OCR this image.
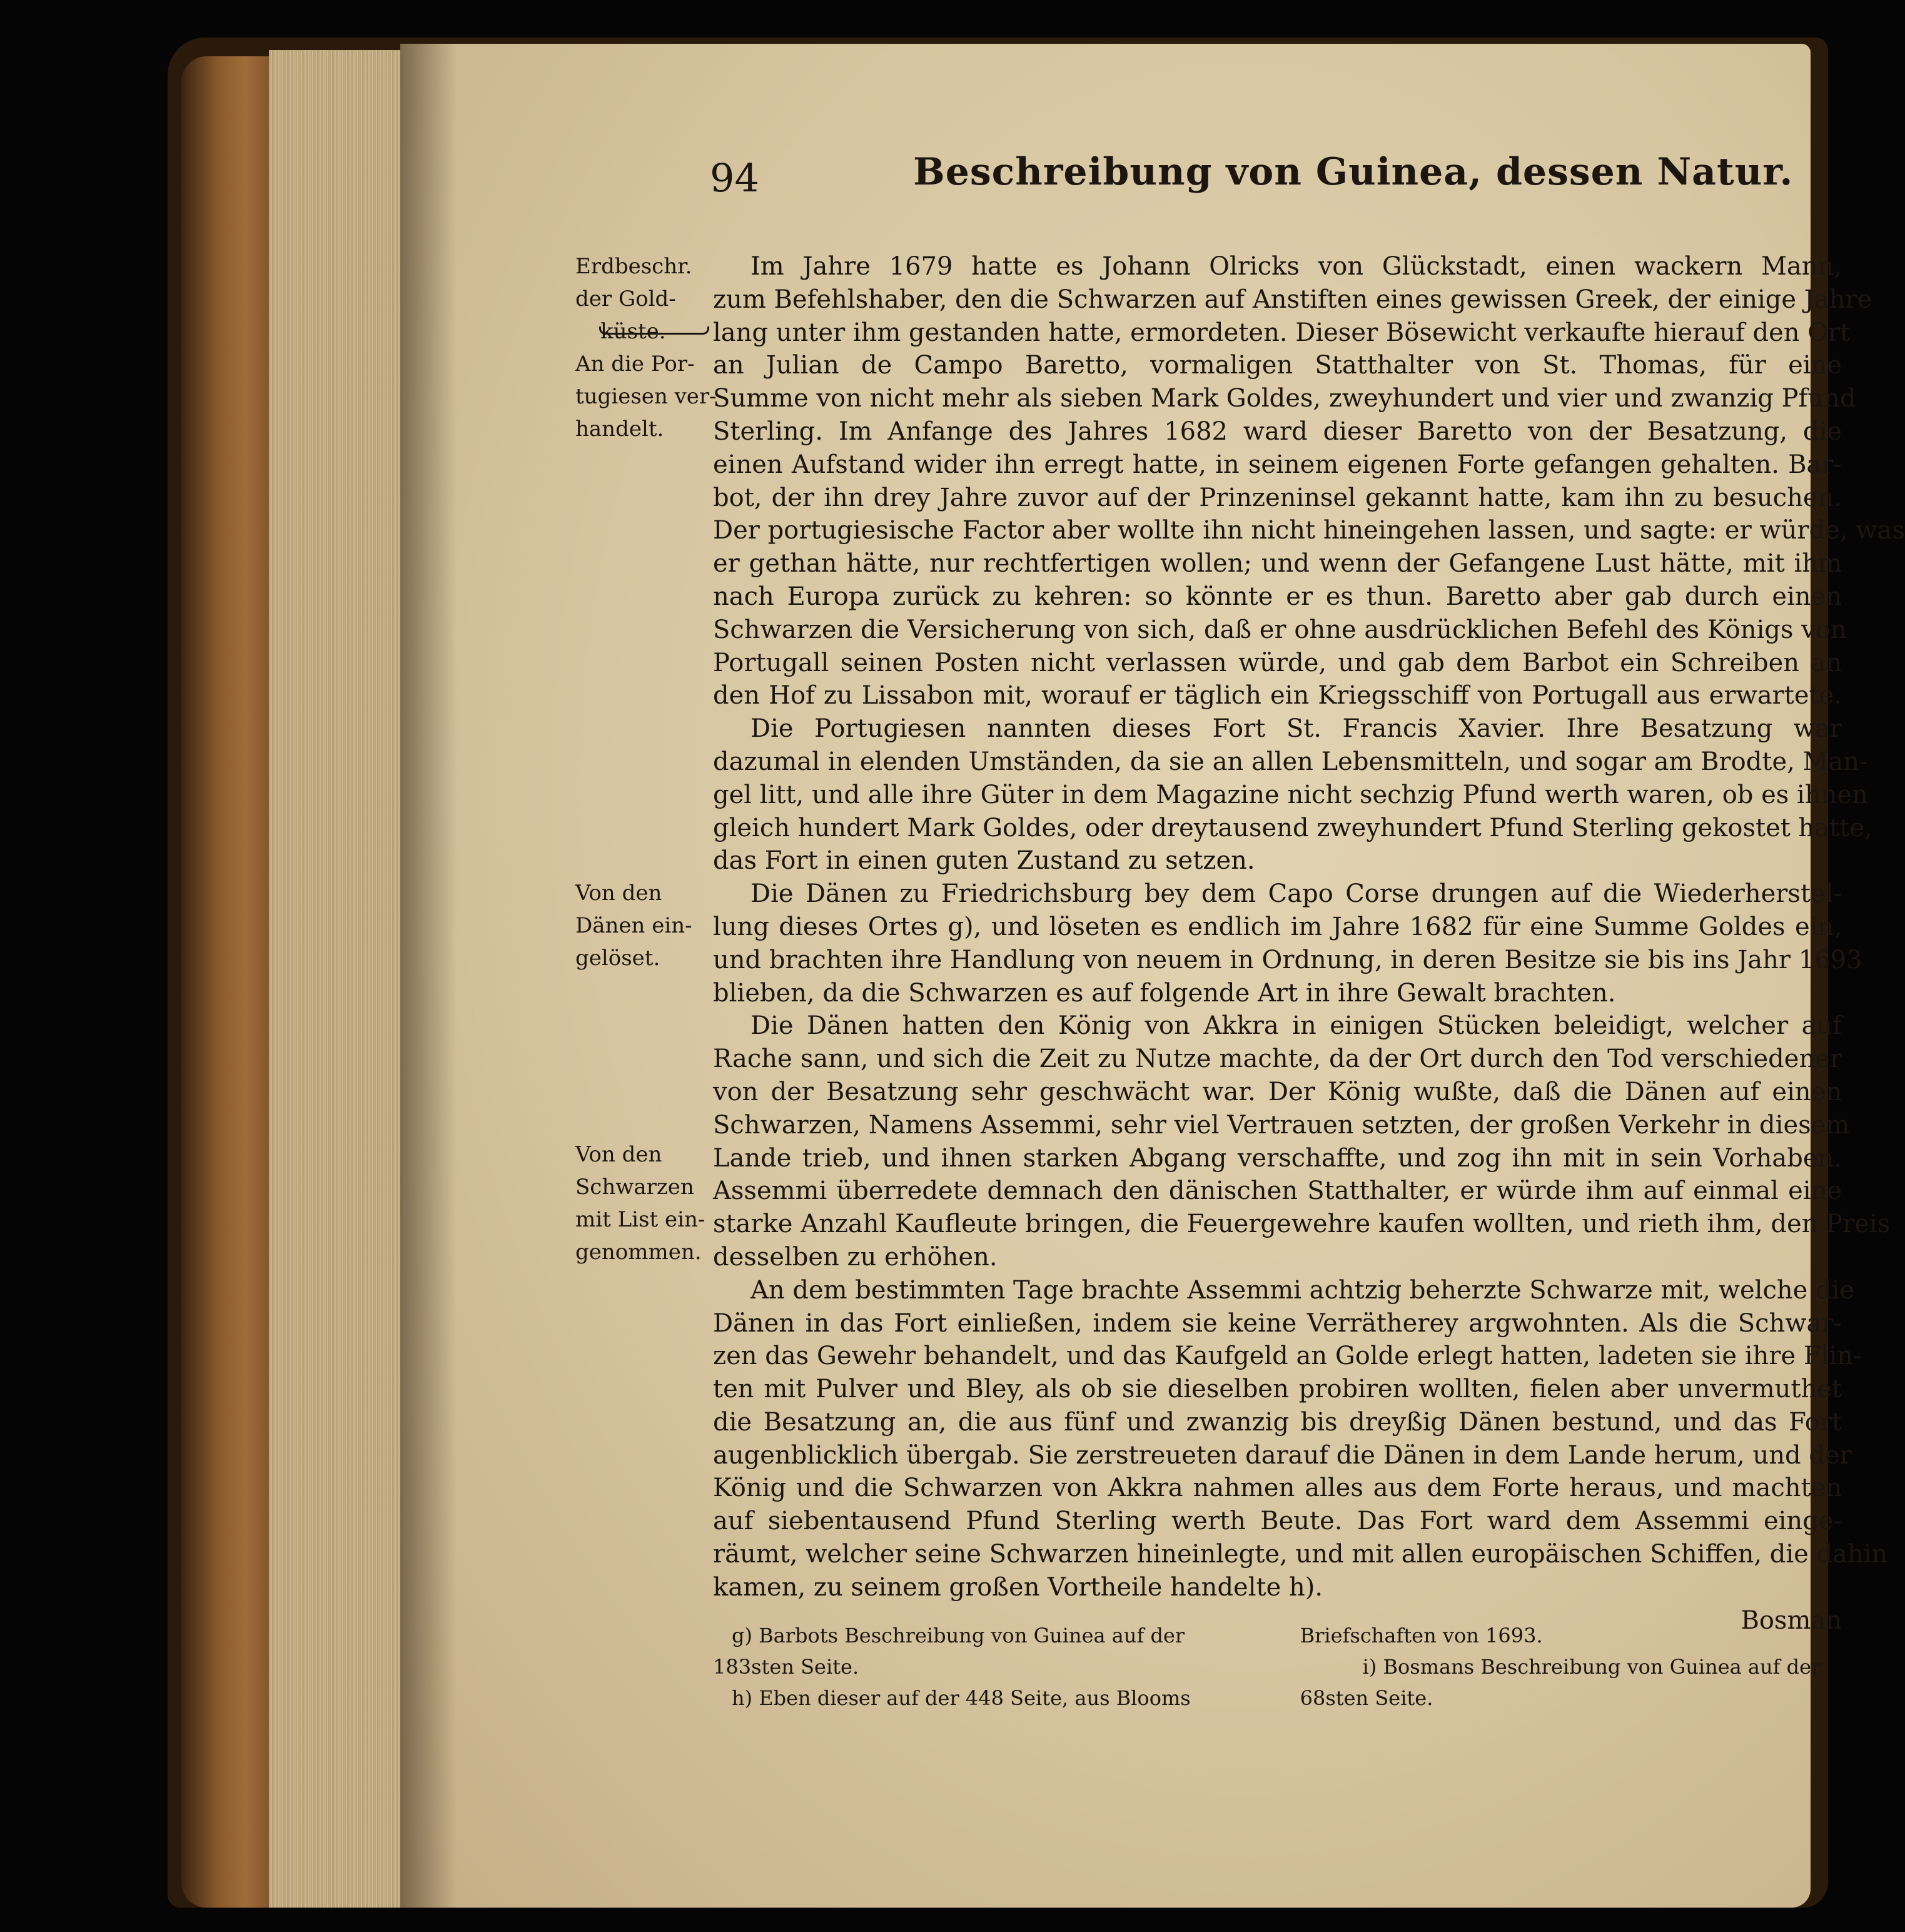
94	Beschreibung von Guinea, dessen Natur.
Erdbeschr.
der Gold-
küste.
An die Por-
tugiesen ver-
handelt.
Von den
Dänen ein-
gelöset.
Von den
Schwarzen
mit List ein-
genommen.
Im Jahre 1679 hatte es Johann Olricks von Glückstadt, einen wackern Mann,
zum Befehlshaber, den die Schwarzen auf Anstiften eines gewissen Greek, der einige Jahre
lang unter ihm gestanden hatte, ermordeten. Dieser Bösewicht verkaufte hierauf den Ort
an Julian de Campo Baretto, vormaligen Statthalter von St. Thomas, für eine
Summe von nicht mehr als sieben Mark Goldes, zweyhundert und vier und zwanzig Pfund
Sterling. Im Anfange des Jahres 1682 ward dieser Baretto von der Besatzung, die
einen Aufstand wider ihn erregt hatte, in seinem eigenen Forte gefangen gehalten. Bar-
bot, der ihn drey Jahre zuvor auf der Prinzeninsel gekannt hatte, kam ihn zu besuchen.
Der portugiesische Factor aber wollte ihn nicht hineingehen lassen, und sagte: er würde, was
er gethan hätte, nur rechtfertigen wollen; und wenn der Gefangene Lust hätte, mit ihm
nach Europa zurück zu kehren: so könnte er es thun. Baretto aber gab durch einen
Schwarzen die Versicherung von sich, daß er ohne ausdrücklichen Befehl des Königs von
Portugall seinen Posten nicht verlassen würde, und gab dem Barbot ein Schreiben an
den Hof zu Lissabon mit, worauf er täglich ein Kriegsschiff von Portugall aus erwartete.
Die Portugiesen nannten dieses Fort St. Francis Xavier. Ihre Besatzung war
dazumal in elenden Umständen, da sie an allen Lebensmitteln, und sogar am Brodte, Man-
gel litt, und alle ihre Güter in dem Magazine nicht sechzig Pfund werth waren, ob es ihnen
gleich hundert Mark Goldes, oder dreytausend zweyhundert Pfund Sterling gekostet hatte,
das Fort in einen guten Zustand zu setzen.
Die Dänen zu Friedrichsburg bey dem Capo Corse drungen auf die Wiederherstel-
lung dieses Ortes g), und löseten es endlich im Jahre 1682 für eine Summe Goldes ein,
und brachten ihre Handlung von neuem in Ordnung, in deren Besitze sie bis ins Jahr 1693
blieben, da die Schwarzen es auf folgende Art in ihre Gewalt brachten.
Die Dänen hatten den König von Akkra in einigen Stücken beleidigt, welcher auf
Rache sann, und sich die Zeit zu Nutze machte, da der Ort durch den Tod verschiedener
von der Besatzung sehr geschwächt war. Der König wußte, daß die Dänen auf einen
Schwarzen, Namens Assemmi, sehr viel Vertrauen setzten, der großen Verkehr in diesem
Lande trieb, und ihnen starken Abgang verschaffte, und zog ihn mit in sein Vorhaben.
Assemmi überredete demnach den dänischen Statthalter, er würde ihm auf einmal eine
starke Anzahl Kaufleute bringen, die Feuergewehre kaufen wollten, und rieth ihm, den Preis
desselben zu erhöhen.
An dem bestimmten Tage brachte Assemmi achtzig beherzte Schwarze mit, welche die
Dänen in das Fort einließen, indem sie keine Verrätherey argwohnten. Als die Schwar-
zen das Gewehr behandelt, und das Kaufgeld an Golde erlegt hatten, ladeten sie ihre Flin-
ten mit Pulver und Bley, als ob sie dieselben probiren wollten, fielen aber unvermuthet
die Besatzung an, die aus fünf und zwanzig bis dreyßig Dänen bestund, und das Fort
augenblicklich übergab. Sie zerstreueten darauf die Dänen in dem Lande herum, und der
König und die Schwarzen von Akkra nahmen alles aus dem Forte heraus, und machten
auf siebentausend Pfund Sterling werth Beute. Das Fort ward dem Assemmi einge-
räumt, welcher seine Schwarzen hineinlegte, und mit allen europäischen Schiffen, die dahin
kamen, zu seinem großen Vortheile handelte h).
Bosman
g) Barbots Beschreibung von Guinea auf der
183sten Seite.
h) Eben dieser auf der 448 Seite, aus Blooms
Briefschaften von 1693.
i) Bosmans Beschreibung von Guinea auf der
68sten Seite.
